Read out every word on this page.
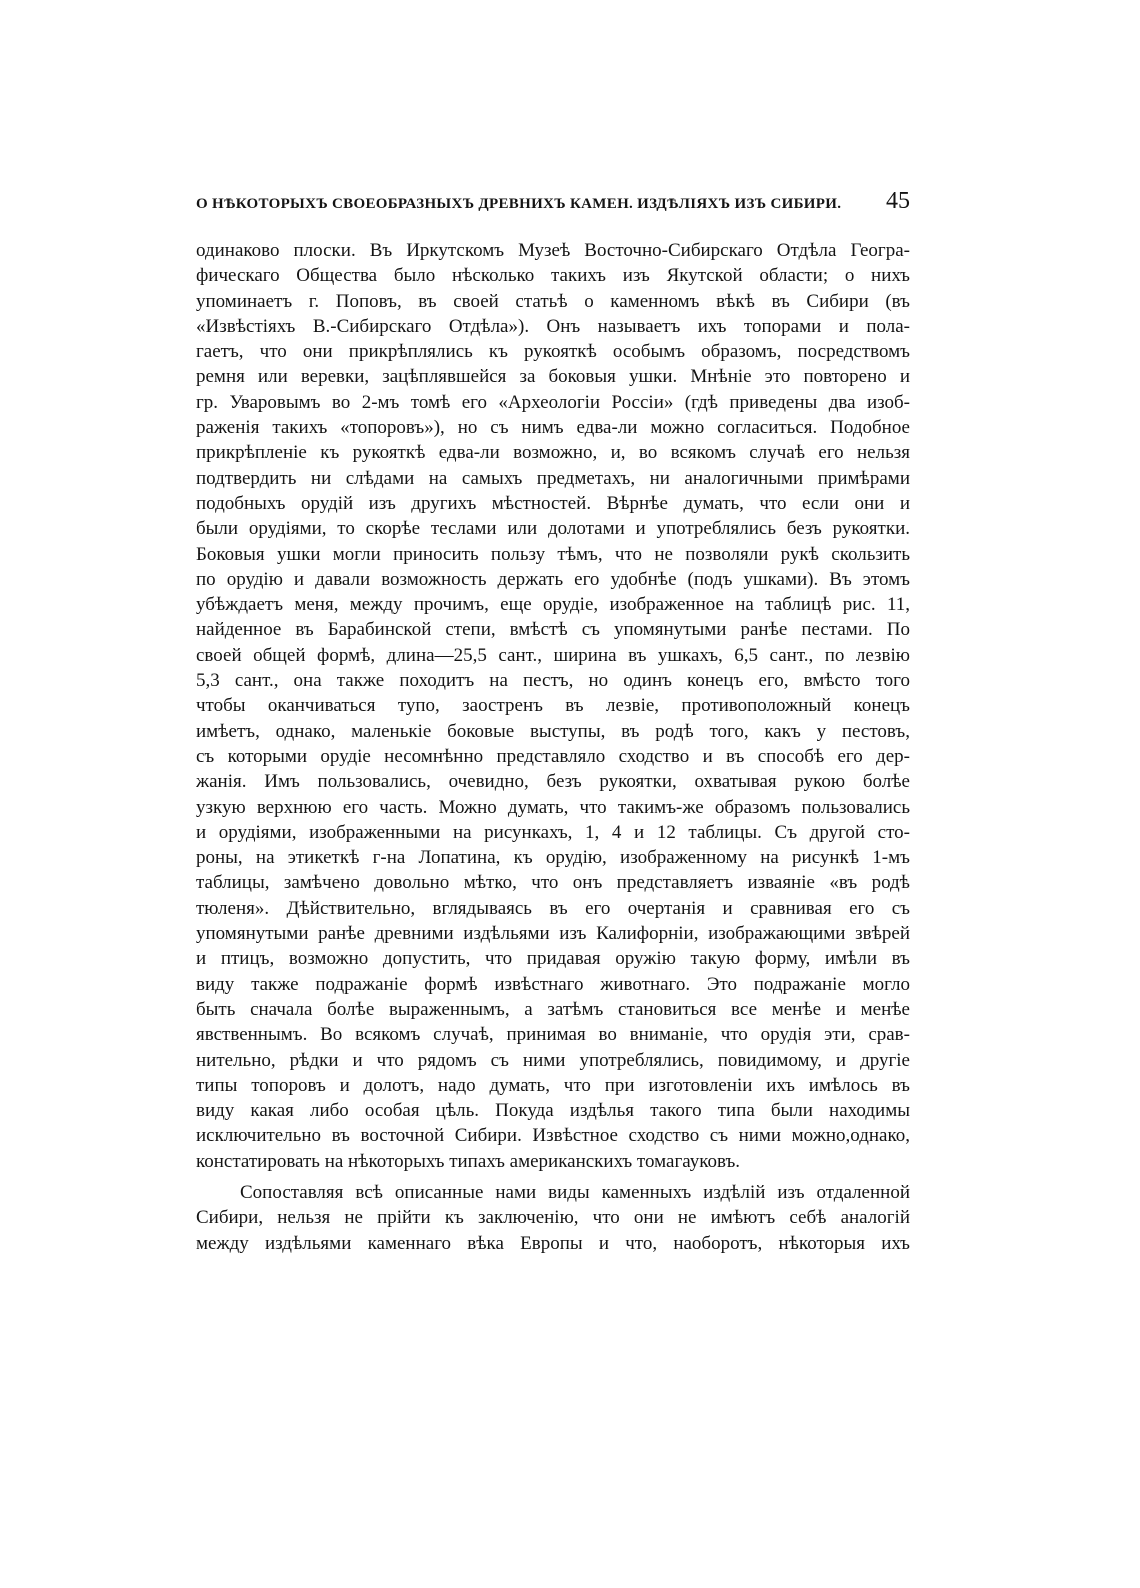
О НѢКОТОРЫХЪ СВОЕОБРАЗНЫХЪ ДРЕВНИХЪ КАМЕН. ИЗДѢЛІЯХЪ ИЗЪ СИБИРИ. 45
одинаково плоски. Въ Иркутскомъ Музеѣ Восточно-Сибирскаго Отдѣла Геогра-
фическаго Общества было нѣсколько такихъ изъ Якутской области; о нихъ
упоминаетъ г. Поповъ, въ своей статьѣ о каменномъ вѣкѣ въ Сибири (въ
«Извѣстіяхъ В.-Сибирскаго Отдѣла»). Онъ называетъ ихъ топорами и пола-
гаетъ, что они прикрѣплялись къ рукояткѣ особымъ образомъ, посредствомъ
ремня или веревки, зацѣплявшейся за боковыя ушки. Мнѣніе это повторено и
гр. Уваровымъ во 2-мъ томѣ его «Археологіи Россіи» (гдѣ приведены два изоб-
раженія такихъ «топоровъ»), но съ нимъ едва-ли можно согласиться. Подобное
прикрѣпленіе къ рукояткѣ едва-ли возможно, и, во всякомъ случаѣ его нельзя
подтвердить ни слѣдами на самыхъ предметахъ, ни аналогичными примѣрами
подобныхъ орудій изъ другихъ мѣстностей. Вѣрнѣе думать, что если они и
были орудіями, то скорѣе теслами или долотами и употреблялись безъ рукоятки.
Боковыя ушки могли приносить пользу тѣмъ, что не позволяли рукѣ скользить
по орудію и давали возможность держать его удобнѣе (подъ ушками). Въ этомъ
убѣждаетъ меня, между прочимъ, еще орудіе, изображенное на таблицѣ рис. 11,
найденное въ Барабинской степи, вмѣстѣ съ упомянутыми ранѣе пестами. По
своей общей формѣ, длина—25,5 сант., ширина въ ушкахъ, 6,5 сант., по лезвію
5,3 сант., она также походитъ на пестъ, но одинъ конецъ его, вмѣсто того
чтобы оканчиваться тупо, заостренъ въ лезвіе, противоположный конецъ
имѣетъ, однако, маленькіе боковые выступы, въ родѣ того, какъ у пестовъ,
съ которыми орудіе несомнѣнно представляло сходство и въ способѣ его дер-
жанія. Имъ пользовались, очевидно, безъ рукоятки, охватывая рукою болѣе
узкую верхнюю его часть. Можно думать, что такимъ-же образомъ пользовались
и орудіями, изображенными на рисункахъ, 1, 4 и 12 таблицы. Съ другой сто-
роны, на этикеткѣ г-на Лопатина, къ орудію, изображенному на рисункѣ 1-мъ
таблицы, замѣчено довольно мѣтко, что онъ представляетъ изваяніе «въ родѣ
тюленя». Дѣйствительно, вглядываясь въ его очертанія и сравнивая его съ
упомянутыми ранѣе древними издѣльями изъ Калифорніи, изображающими звѣрей
и птицъ, возможно допустить, что придавая оружію такую форму, имѣли въ
виду также подражаніе формѣ извѣстнаго животнаго. Это подражаніе могло
быть сначала болѣе выраженнымъ, а затѣмъ становиться все менѣе и менѣе
явственнымъ. Во всякомъ случаѣ, принимая во вниманіе, что орудія эти, срав-
нительно, рѣдки и что рядомъ съ ними употреблялись, повидимому, и другіе
типы топоровъ и долотъ, надо думать, что при изготовленіи ихъ имѣлось въ
виду какая либо особая цѣль. Покуда издѣлья такого типа были находимы
исключительно въ восточной Сибири. Извѣстное сходство съ ними можно,однако,
констатировать на нѣкоторыхъ типахъ американскихъ томагауковъ.
Сопоставляя всѣ описанные нами виды каменныхъ издѣлій изъ отдаленной
Сибири, нельзя не прійти къ заключенію, что они не имѣютъ себѣ аналогій
между издѣльями каменнаго вѣка Европы и что, наоборотъ, нѣкоторыя ихъ
